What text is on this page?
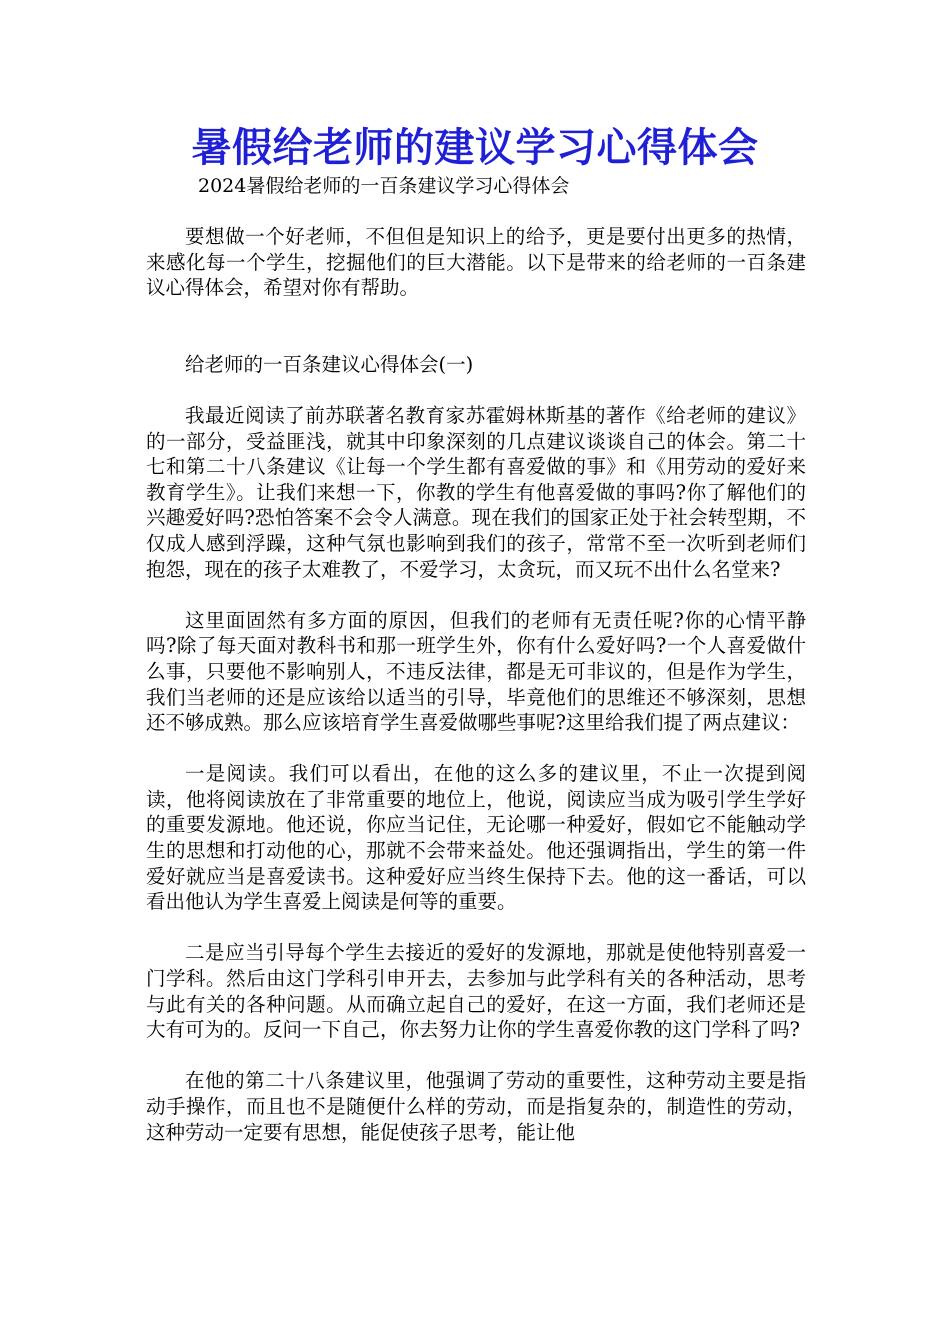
暑假给老师的建议学习心得体会
2024暑假给老师的一百条建议学习心得体会

要想做一个好老师，不但但是知识上的给予，更是要付出更多的热情，来感化每一个学生，挖掘他们的巨大潜能。以下是带来的给老师的一百条建议心得体会，希望对你有帮助。

给老师的一百条建议心得体会(一)

我最近阅读了前苏联著名教育家苏霍姆林斯基的著作《给老师的建议》的一部分，受益匪浅，就其中印象深刻的几点建议谈谈自己的体会。第二十七和第二十八条建议《让每一个学生都有喜爱做的事》和《用劳动的爱好来教育学生》。让我们来想一下，你教的学生有他喜爱做的事吗?你了解他们的兴趣爱好吗?恐怕答案不会令人满意。现在我们的国家正处于社会转型期，不仅成人感到浮躁，这种气氛也影响到我们的孩子，常常不至一次听到老师们抱怨，现在的孩子太难教了，不爱学习，太贪玩，而又玩不出什么名堂来?

这里面固然有多方面的原因，但我们的老师有无责任呢?你的心情平静吗?除了每天面对教科书和那一班学生外，你有什么爱好吗?一个人喜爱做什么事，只要他不影响别人，不违反法律，都是无可非议的，但是作为学生，我们当老师的还是应该给以适当的引导，毕竟他们的思维还不够深刻，思想还不够成熟。那么应该培育学生喜爱做哪些事呢?这里给我们提了两点建议：

一是阅读。我们可以看出，在他的这么多的建议里，不止一次提到阅读，他将阅读放在了非常重要的地位上，他说，阅读应当成为吸引学生学好的重要发源地。他还说，你应当记住，无论哪一种爱好，假如它不能触动学生的思想和打动他的心，那就不会带来益处。他还强调指出，学生的第一件爱好就应当是喜爱读书。这种爱好应当终生保持下去。他的这一番话，可以看出他认为学生喜爱上阅读是何等的重要。

二是应当引导每个学生去接近的爱好的发源地，那就是使他特别喜爱一门学科。然后由这门学科引申开去，去参加与此学科有关的各种活动，思考与此有关的各种问题。从而确立起自己的爱好，在这一方面，我们老师还是大有可为的。反问一下自己，你去努力让你的学生喜爱你教的这门学科了吗?

在他的第二十八条建议里，他强调了劳动的重要性，这种劳动主要是指动手操作，而且也不是随便什么样的劳动，而是指复杂的，制造性的劳动，这种劳动一定要有思想，能促使孩子思考，能让他
